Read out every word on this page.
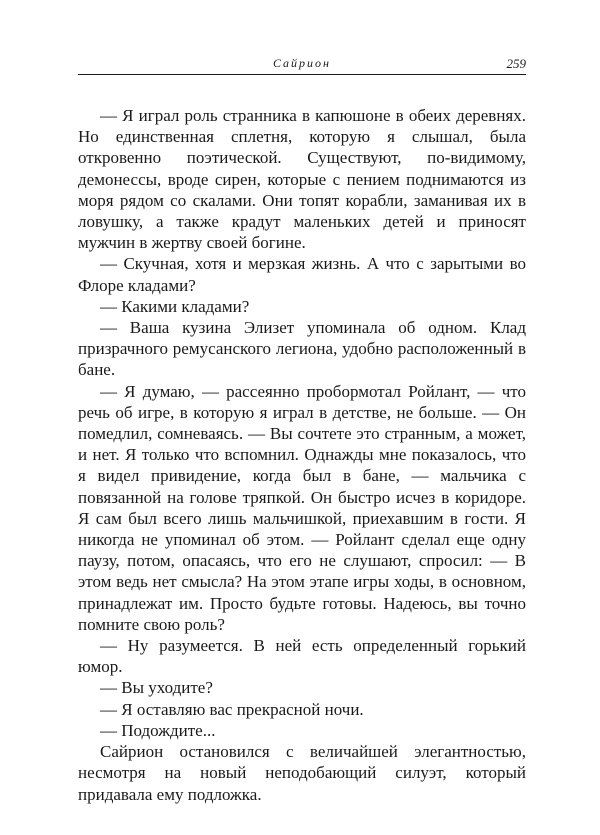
Сайрион	259

— Я играл роль странника в капюшоне в обеих деревнях. Но единственная сплетня, которую я слышал, была откровенно поэтической. Существуют, по-видимому, демонессы, вроде сирен, которые с пением поднимаются из моря рядом со скалами. Они топят корабли, заманивая их в ловушку, а также крадут маленьких детей и приносят мужчин в жертву своей богине.

— Скучная, хотя и мерзкая жизнь. А что с зарытыми во Флоре кладами?

— Какими кладами?

— Ваша кузина Элизет упоминала об одном. Клад призрачного ремусанского легиона, удобно расположенный в бане.

— Я думаю, — рассеянно пробормотал Ройлант, — что речь об игре, в которую я играл в детстве, не больше. — Он помедлил, сомневаясь. — Вы сочтете это странным, а может, и нет. Я только что вспомнил. Однажды мне показалось, что я видел привидение, когда был в бане, — мальчика с повязанной на голове тряпкой. Он быстро исчез в коридоре. Я сам был всего лишь мальчишкой, приехавшим в гости. Я никогда не упоминал об этом. — Ройлант сделал еще одну паузу, потом, опасаясь, что его не слушают, спросил: — В этом ведь нет смысла? На этом этапе игры ходы, в основном, принадлежат им. Просто будьте готовы. Надеюсь, вы точно помните свою роль?

— Ну разумеется. В ней есть определенный горький юмор.

— Вы уходите?

— Я оставляю вас прекрасной ночи.

— Подождите...

Сайрион остановился с величайшей элегантностью, несмотря на новый неподобающий силуэт, который придавала ему подложка.
